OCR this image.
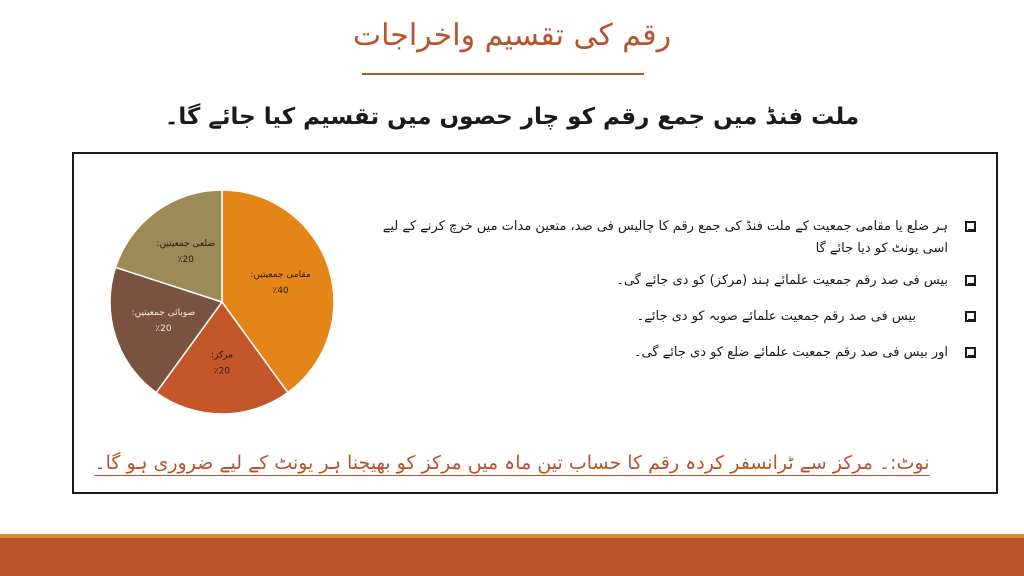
رقم کی تقسیم واخراجات
ملت فنڈ میں جمع رقم کو چار حصوں میں تقسیم کیا جائے گا۔
مقامی جمعیتیں:
٪40
مرکز:
٪20
صوبائی جمعیتیں:
٪20
ضلعی جمعیتیں:
٪20
ہر ضلع یا مقامی جمعیت کے ملت فنڈ کی جمع رقم کا چالیس فی صد، متعین مدات میں خرچ کرنے کے لیے اسی یونٹ کو دیا جائے گا
بیس فی صد رقم جمعیت علمائے ہند (مرکز) کو دی جائے گی۔
بیس فی صد رقم جمعیت علمائے صوبہ کو دی جائے۔
اور بیس فی صد رقم جمعیت علمائے ضلع کو دی جائے گی۔
نوٹ:۔ مرکز سے ٹرانسفر کردہ رقم کا حساب تین ماہ میں مرکز کو بھیجنا ہر یونٹ کے لیے ضروری ہو گا۔
